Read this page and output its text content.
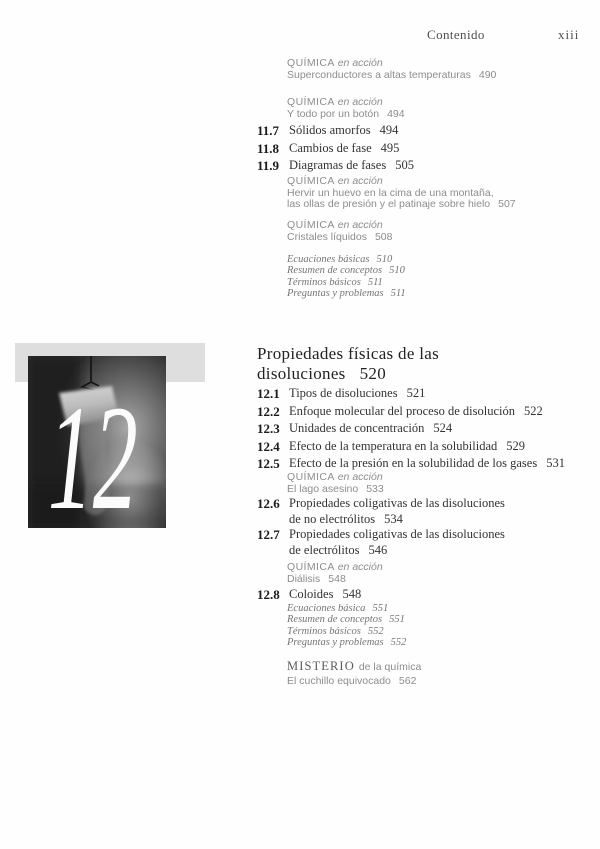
Contenido	xiii
QUÍMICA en acción
Superconductores a altas temperaturas 490
QUÍMICA en acción
Y todo por un botón 494
11.7 Sólidos amorfos 494
11.8 Cambios de fase 495
11.9 Diagramas de fases 505
QUÍMICA en acción
Hervir un huevo en la cima de una montaña,
las ollas de presión y el patinaje sobre hielo 507
QUÍMICA en acción
Cristales líquidos 508
Ecuaciones básicas 510
Resumen de conceptos 510
Términos básicos 511
Preguntas y problemas 511
12
Propiedades físicas de las
disoluciones 520
12.1 Tipos de disoluciones 521
12.2 Enfoque molecular del proceso de disolución 522
12.3 Unidades de concentración 524
12.4 Efecto de la temperatura en la solubilidad 529
12.5 Efecto de la presión en la solubilidad de los gases 531
QUÍMICA en acción
El lago asesino 533
12.6 Propiedades coligativas de las disoluciones
de no electrólitos 534
12.7 Propiedades coligativas de las disoluciones
de electrólitos 546
QUÍMICA en acción
Diálisis 548
12.8 Coloides 548
Ecuaciones básica 551
Resumen de conceptos 551
Términos básicos 552
Preguntas y problemas 552
MISTERIO de la química
El cuchillo equivocado 562
